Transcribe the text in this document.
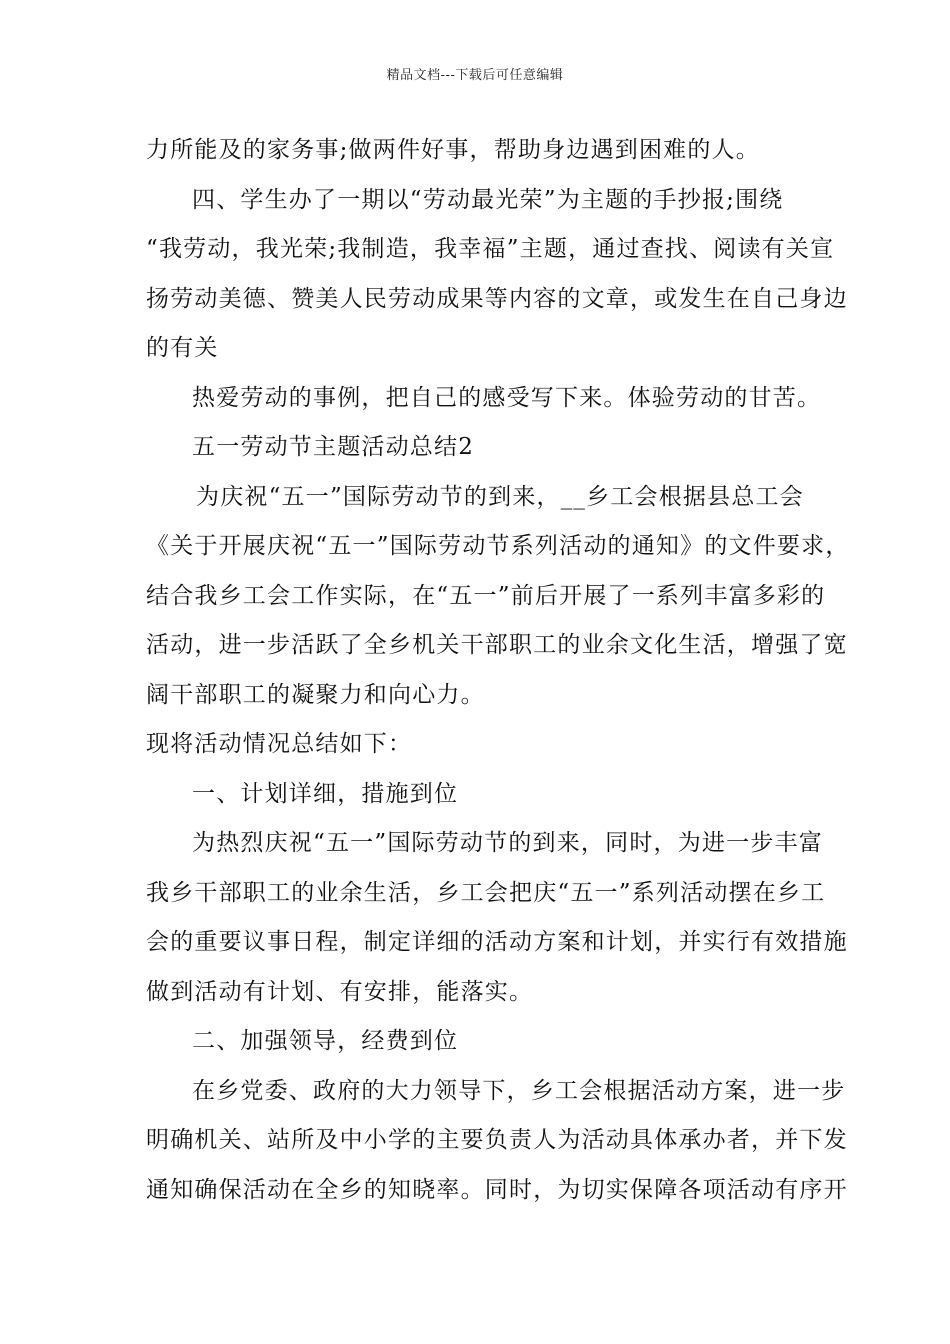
精品文档---下载后可任意编辑
力所能及的家务事;做两件好事，帮助身边遇到困难的人。
四、学生办了一期以“劳动最光荣”为主题的手抄报;围绕
“我劳动，我光荣;我制造，我幸福”主题，通过查找、阅读有关宣
扬劳动美德、赞美人民劳动成果等内容的文章，或发生在自己身边
的有关
热爱劳动的事例，把自己的感受写下来。体验劳动的甘苦。
五一劳动节主题活动总结2
为庆祝“五一”国际劳动节的到来，__乡工会根据县总工会
《关于开展庆祝“五一”国际劳动节系列活动的通知》的文件要求，
结合我乡工会工作实际，在“五一”前后开展了一系列丰富多彩的
活动，进一步活跃了全乡机关干部职工的业余文化生活，增强了宽
阔干部职工的凝聚力和向心力。
现将活动情况总结如下：
一、计划详细，措施到位
为热烈庆祝“五一”国际劳动节的到来，同时，为进一步丰富
我乡干部职工的业余生活，乡工会把庆“五一”系列活动摆在乡工
会的重要议事日程，制定详细的活动方案和计划，并实行有效措施
做到活动有计划、有安排，能落实。
二、加强领导，经费到位
在乡党委、政府的大力领导下，乡工会根据活动方案，进一步
明确机关、站所及中小学的主要负责人为活动具体承办者，并下发
通知确保活动在全乡的知晓率。同时，为切实保障各项活动有序开
